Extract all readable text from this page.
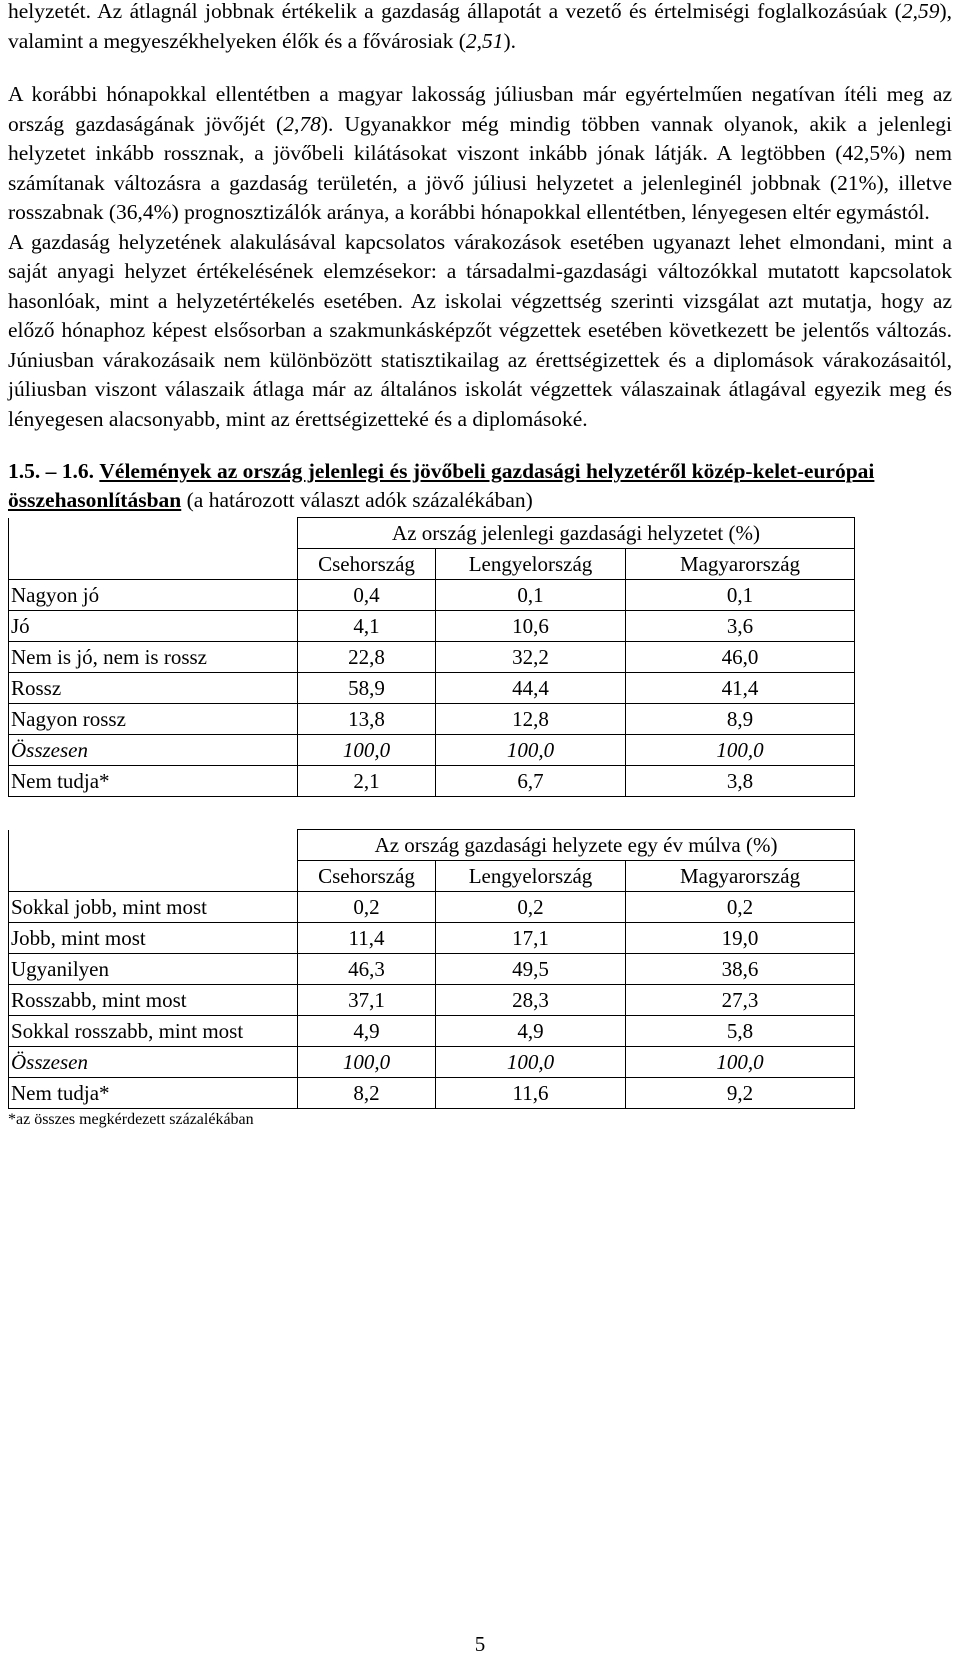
helyzetét. Az átlagnál jobbnak értékelik a gazdaság állapotát a vezető és értelmiségi foglalkozásúak (2,59), valamint a megyeszékhelyeken élők és a fővárosiak (2,51).

A korábbi hónapokkal ellentétben a magyar lakosság júliusban már egyértelműen negatívan ítéli meg az ország gazdaságának jövőjét (2,78). Ugyanakkor még mindig többen vannak olyanok, akik a jelenlegi helyzetet inkább rossznak, a jövőbeli kilátásokat viszont inkább jónak látják. A legtöbben (42,5%) nem számítanak változásra a gazdaság területén, a jövő júliusi helyzetet a jelenleginél jobbnak (21%), illetve rosszabnak (36,4%) prognosztizálók aránya, a korábbi hónapokkal ellentétben, lényegesen eltér egymástól.

A gazdaság helyzetének alakulásával kapcsolatos várakozások esetében ugyanazt lehet elmondani, mint a saját anyagi helyzet értékelésének elemzésekor: a társadalmi-gazdasági változókkal mutatott kapcsolatok hasonlóak, mint a helyzetértékelés esetében. Az iskolai végzettség szerinti vizsgálat azt mutatja, hogy az előző hónaphoz képest elsősorban a szakmunkásképzőt végzettek esetében következett be jelentős változás. Júniusban várakozásaik nem különbözött statisztikailag az érettségizettek és a diplomások várakozásaitól, júliusban viszont válaszaik átlaga már az általános iskolát végzettek válaszainak átlagával egyezik meg és lényegesen alacsonyabb, mint az érettségizetteké és a diplomásoké.

1.5. – 1.6. Vélemények az ország jelenlegi és jövőbeli gazdasági helyzetéről közép-kelet-európai összehasonlításban (a határozott választ adók százalékában)
	Az ország jelenlegi gazdasági helyzetet (%)		
	Csehország	Lengyelország	Magyarország
Nagyon jó	0,4	0,1	0,1
Jó	4,1	10,6	3,6
Nem is jó, nem is rossz	22,8	32,2	46,0
Rossz	58,9	44,4	41,4
Nagyon rossz	13,8	12,8	8,9
Összesen	100,0	100,0	100,0
Nem tudja*	2,1	6,7	3,8
	Az ország gazdasági helyzete egy év múlva (%)		
	Csehország	Lengyelország	Magyarország
Sokkal jobb, mint most	0,2	0,2	0,2
Jobb, mint most	11,4	17,1	19,0
Ugyanilyen	46,3	49,5	38,6
Rosszabb, mint most	37,1	28,3	27,3
Sokkal rosszabb, mint most	4,9	4,9	5,8
Összesen	100,0	100,0	100,0
Nem tudja*	8,2	11,6	9,2
*az összes megkérdezett százalékában
5
